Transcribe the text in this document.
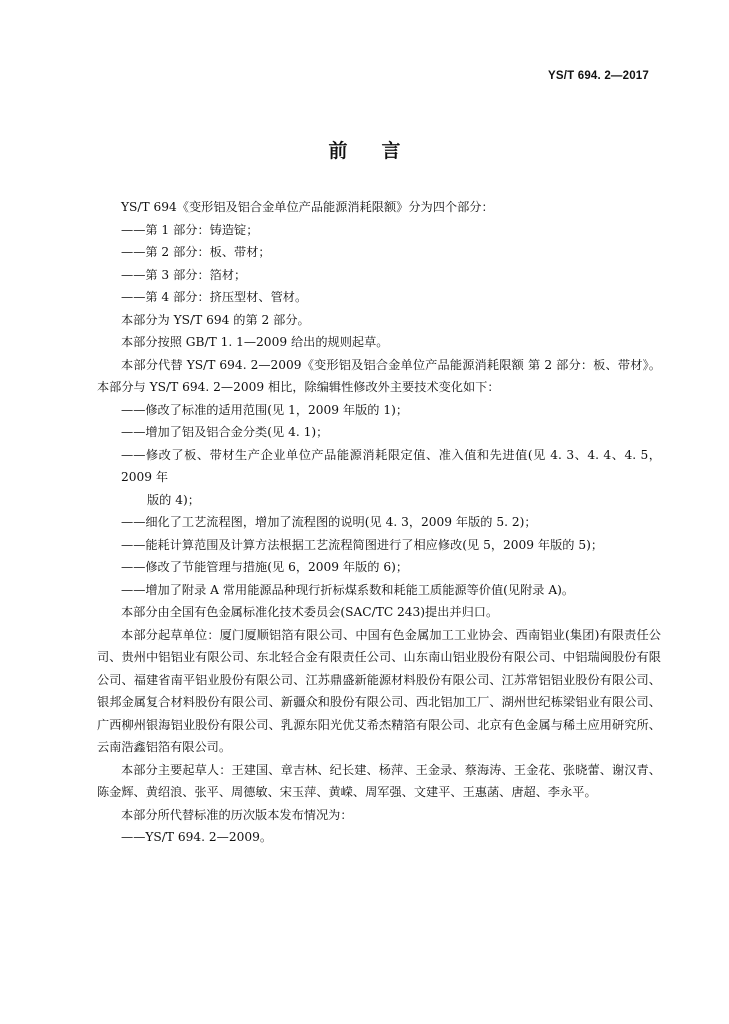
YS/T 694. 2—2017
前言

YS/T 694《变形铝及铝合金单位产品能源消耗限额》分为四个部分：

——第 1 部分：铸造锭；

——第 2 部分：板、带材；

——第 3 部分：箔材；

——第 4 部分：挤压型材、管材。

本部分为 YS/T 694 的第 2 部分。

本部分按照 GB/T 1. 1—2009 给出的规则起草。

本部分代替 YS/T 694. 2—2009《变形铝及铝合金单位产品能源消耗限额 第 2 部分：板、带材》。本部分与 YS/T 694. 2—2009 相比，除编辑性修改外主要技术变化如下：

——修改了标准的适用范围(见 1，2009 年版的 1)；

——增加了铝及铝合金分类(见 4. 1)；

——修改了板、带材生产企业单位产品能源消耗限定值、准入值和先进值(见 4. 3、4. 4、4. 5，2009 年
版的 4)；

——细化了工艺流程图，增加了流程图的说明(见 4. 3，2009 年版的 5. 2)；

——能耗计算范围及计算方法根据工艺流程简图进行了相应修改(见 5，2009 年版的 5)；

——修改了节能管理与措施(见 6，2009 年版的 6)；

——增加了附录 A 常用能源品种现行折标煤系数和耗能工质能源等价值(见附录 A)。

本部分由全国有色金属标准化技术委员会(SAC/TC 243)提出并归口。

本部分起草单位：厦门厦顺铝箔有限公司、中国有色金属加工工业协会、西南铝业(集团)有限责任公司、贵州中铝铝业有限公司、东北轻合金有限责任公司、山东南山铝业股份有限公司、中铝瑞闽股份有限公司、福建省南平铝业股份有限公司、江苏鼎盛新能源材料股份有限公司、江苏常铝铝业股份有限公司、银邦金属复合材料股份有限公司、新疆众和股份有限公司、西北铝加工厂、湖州世纪栋梁铝业有限公司、广西柳州银海铝业股份有限公司、乳源东阳光优艾希杰精箔有限公司、北京有色金属与稀土应用研究所、云南浩鑫铝箔有限公司。

本部分主要起草人：王建国、章吉林、纪长建、杨萍、王金录、蔡海涛、王金花、张晓蕾、谢汉青、陈金辉、黄绍浪、张平、周德敏、宋玉萍、黄嵘、周军强、文建平、王惠菡、唐超、李永平。

本部分所代替标准的历次版本发布情况为：

——YS/T 694. 2—2009。
